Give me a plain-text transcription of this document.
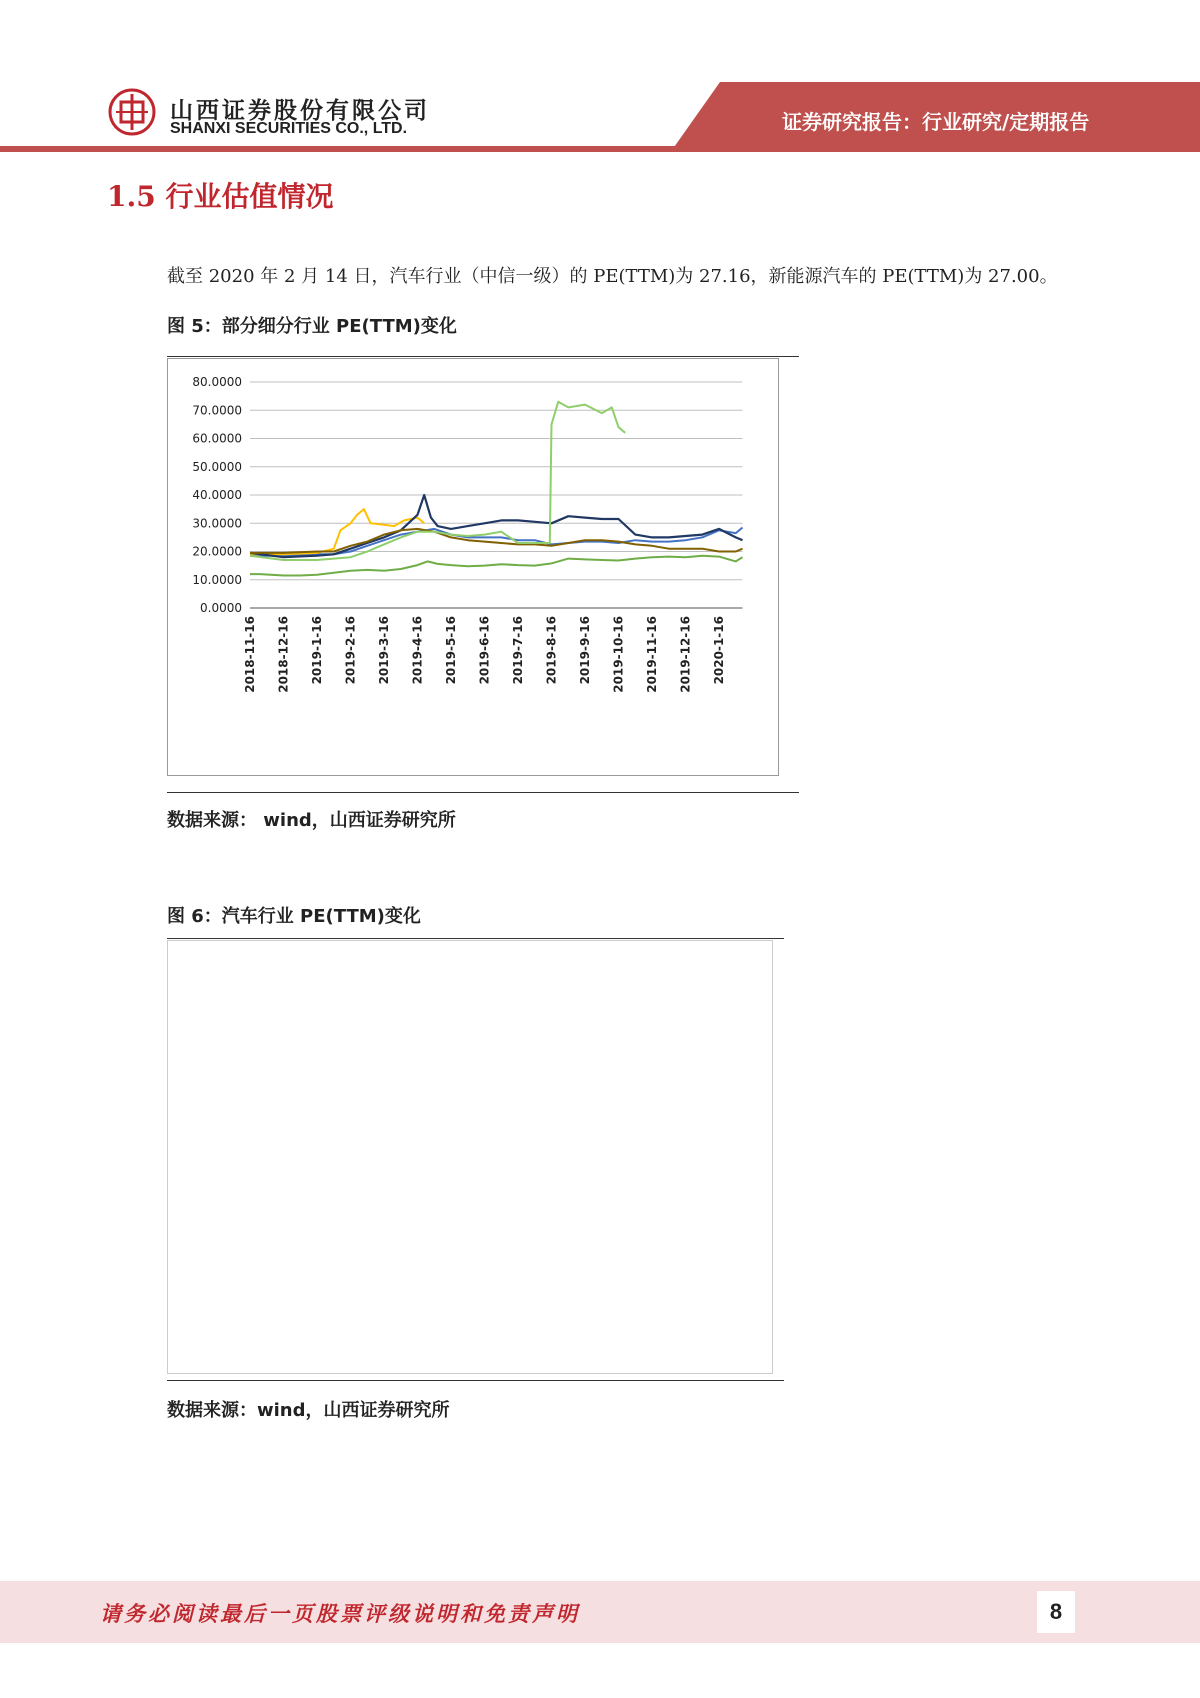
山西证券股份有限公司
SHANXI SECURITIES CO., LTD.	证券研究报告：行业研究/定期报告
1.5 行业估值情况
截至 2020 年 2 月 14 日，汽车行业（中信一级）的 PE(TTM)为 27.16，新能源汽车的 PE(TTM)为 27.00。
图 5：部分细分行业 PE(TTM)变化
0.0000
10.0000
20.0000
30.0000
40.0000
50.0000
60.0000
70.0000
80.0000
2018-11-16 2018-12-16 2019-1-16 2019-2-16 2019-3-16 2019-4-16 2019-5-16 2019-6-16 2019-7-16 2019-8-16 2019-9-16 2019-10-16 2019-11-16 2019-12-16 2020-1-16
数据来源： wind，山西证券研究所
图 6：汽车行业 PE(TTM)变化
数据来源：wind，山西证券研究所
请务必阅读最后一页股票评级说明和免责声明	8
